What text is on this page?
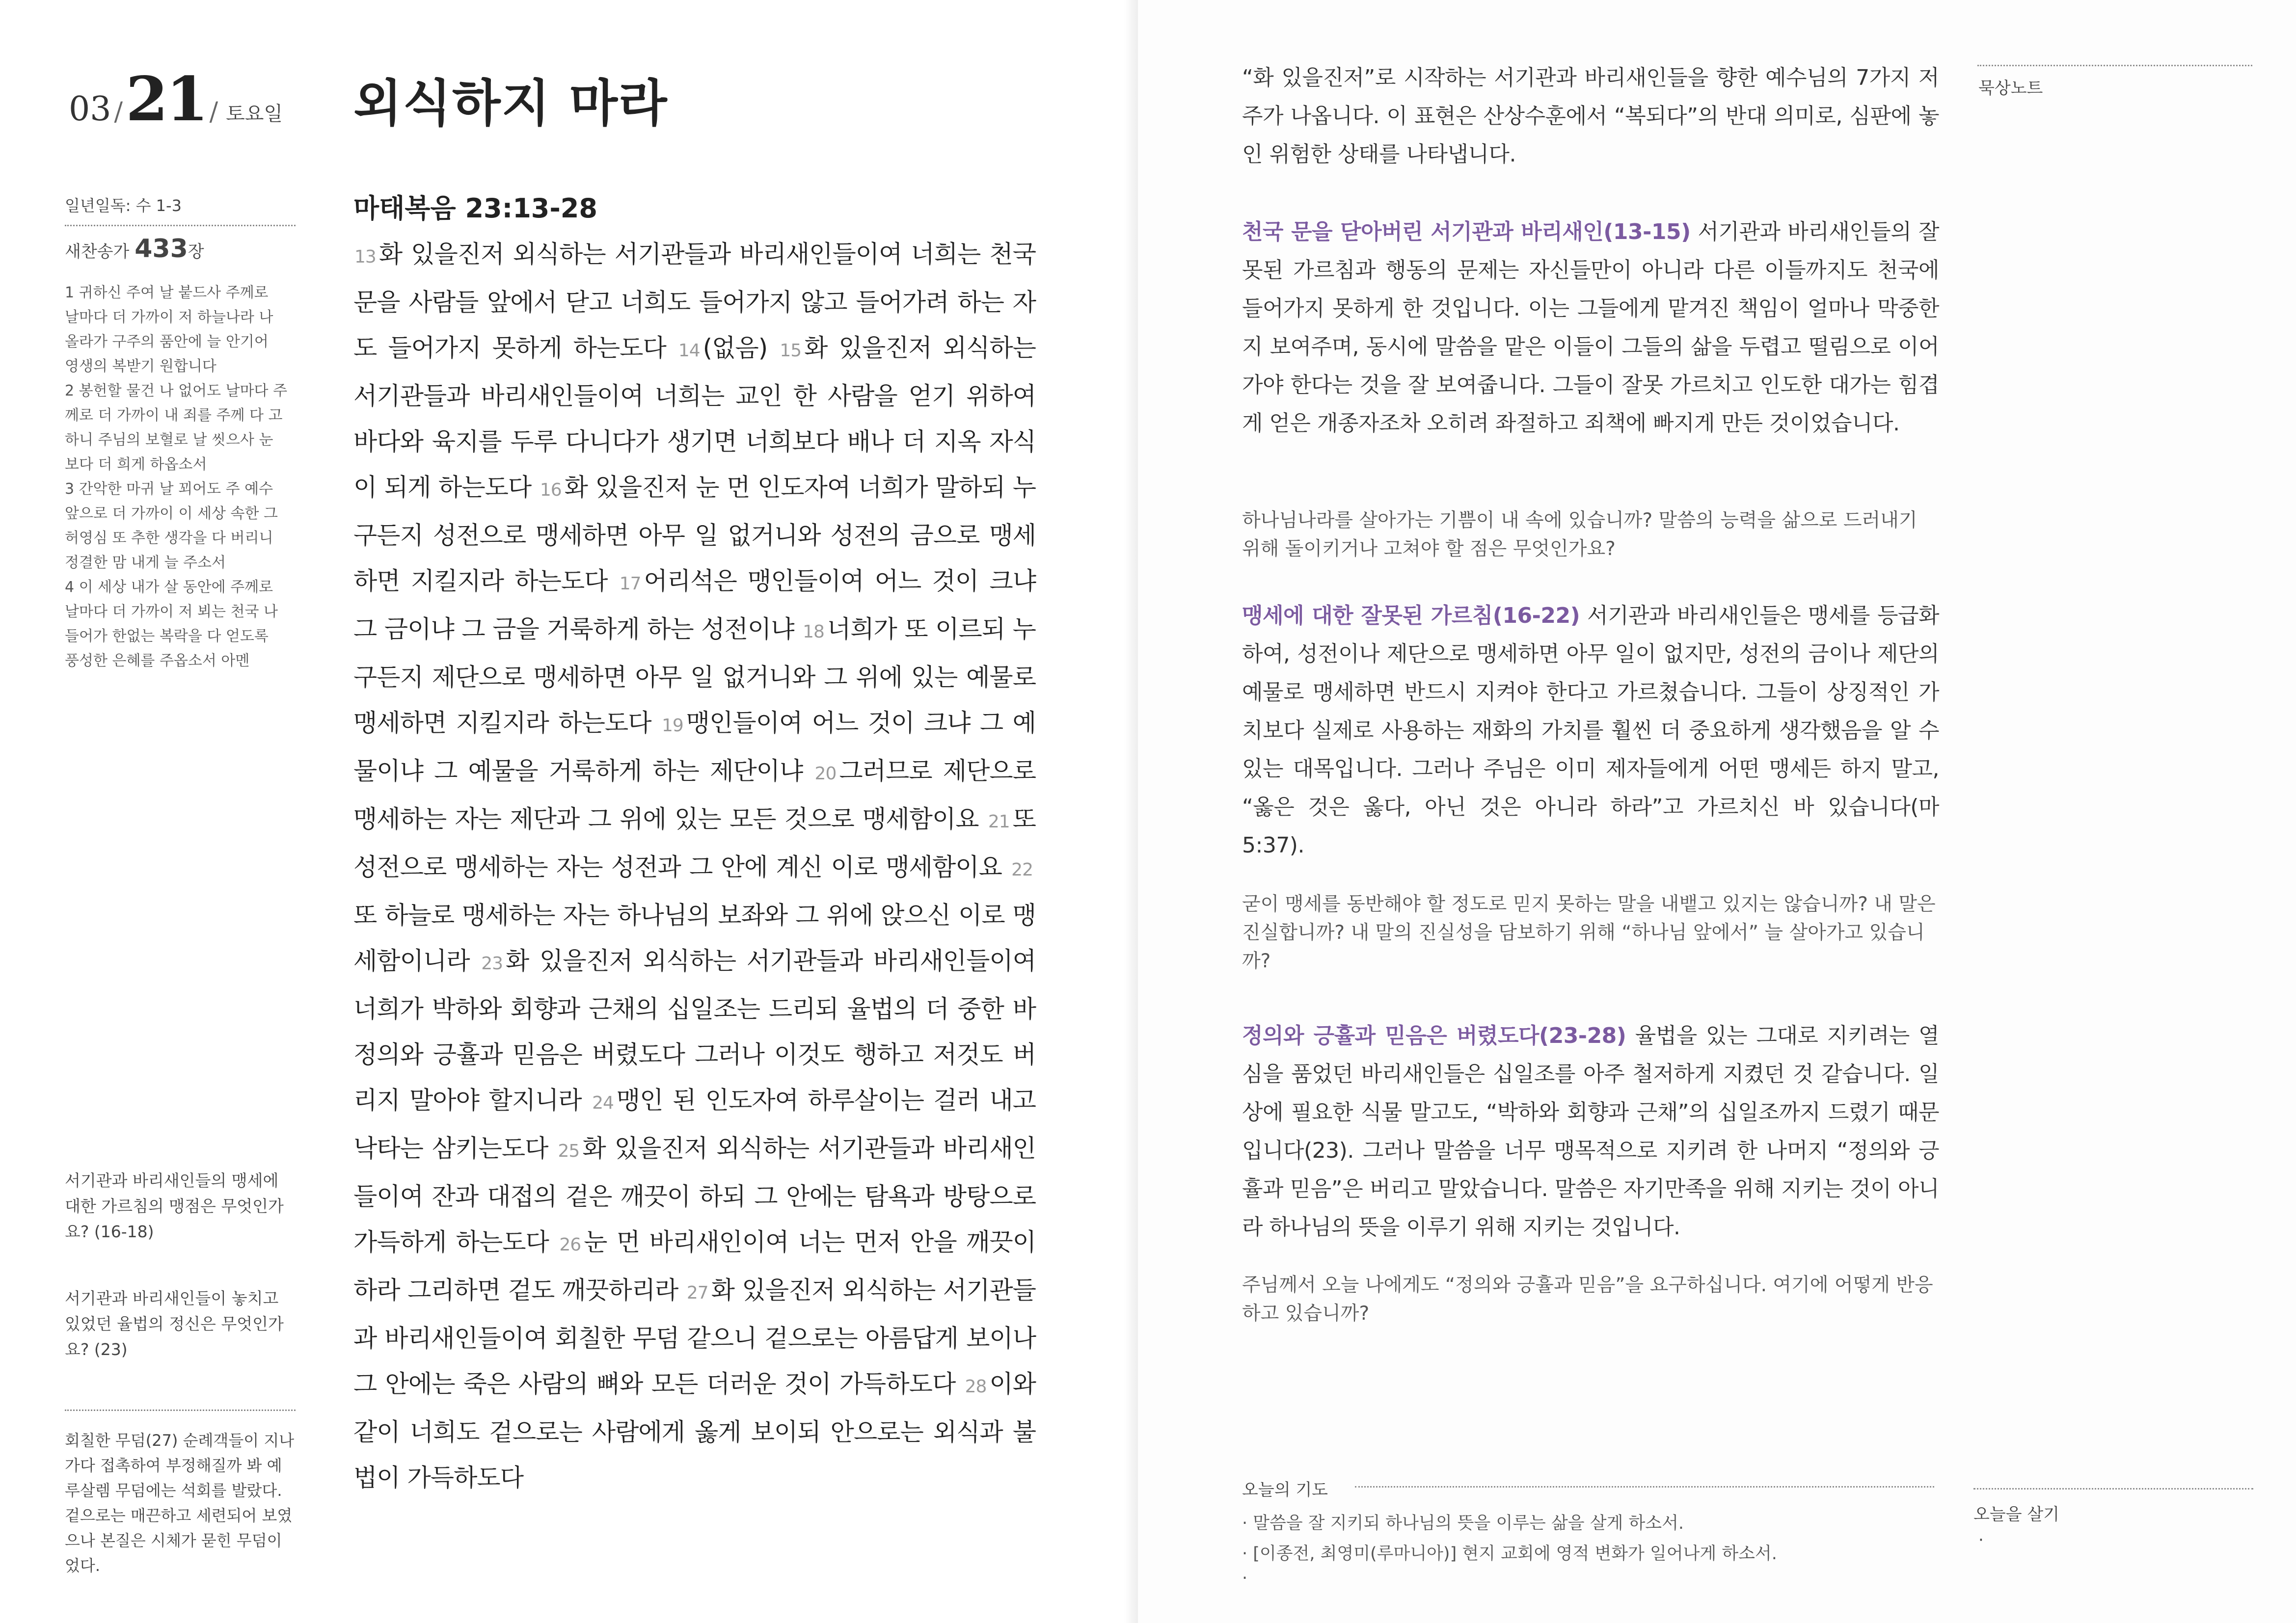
03 / 21 / 토요일 외식하지 마라
마태복음 23:13-28
일년일독: 수 1-3
새찬송가 433장
1 귀하신 주여 날 붙드사 주께로
날마다 더 가까이 저 하늘나라 나
올라가 구주의 품안에 늘 안기어
영생의 복받기 원합니다
2 봉헌할 물건 나 없어도 날마다 주
께로 더 가까이 내 죄를 주께 다 고
하니 주님의 보혈로 날 씻으사 눈
보다 더 희게 하옵소서
3 간악한 마귀 날 꾀어도 주 예수
앞으로 더 가까이 이 세상 속한 그
허영심 또 추한 생각을 다 버리니
정결한 맘 내게 늘 주소서
4 이 세상 내가 살 동안에 주께로
날마다 더 가까이 저 뵈는 천국 나
들어가 한없는 복락을 다 얻도록
풍성한 은혜를 주옵소서 아멘
서기관과 바리새인들의 맹세에 대한 가르침의 맹점은 무엇인가요? (16-18)
서기관과 바리새인들이 놓치고 있었던 율법의 정신은 무엇인가요? (23)
회칠한 무덤(27) 순례객들이 지나가다 접촉하여 부정해질까 봐 예루살렘 무덤에는 석회를 발랐다. 겉으로는 매끈하고 세련되어 보였으나 본질은 시체가 묻힌 무덤이었다.
13 화 있을진저 외식하는 서기관들과 바리새인들이여 너희는 천국 문을 사람들 앞에서 닫고 너희도 들어가지 않고 들어가려 하는 자도 들어가지 못하게 하는도다 14 (없음) 15 화 있을진저 외식하는 서기관들과 바리새인들이여 너희는 교인 한 사람을 얻기 위하여 바다와 육지를 두루 다니다가 생기면 너희보다 배나 더 지옥 자식이 되게 하는도다 16 화 있을진저 눈 먼 인도자여 너희가 말하되 누구든지 성전으로 맹세하면 아무 일 없거니와 성전의 금으로 맹세하면 지킬지라 하는도다 17 어리석은 맹인들이여 어느 것이 크냐 그 금이냐 그 금을 거룩하게 하는 성전이냐 18 너희가 또 이르되 누구든지 제단으로 맹세하면 아무 일 없거니와 그 위에 있는 예물로 맹세하면 지킬지라 하는도다 19 맹인들이여 어느 것이 크냐 그 예물이냐 그 예물을 거룩하게 하는 제단이냐 20 그러므로 제단으로 맹세하는 자는 제단과 그 위에 있는 모든 것으로 맹세함이요 21 또 성전으로 맹세하는 자는 성전과 그 안에 계신 이로 맹세함이요 22또 하늘로 맹세하는 자는 하나님의 보좌와 그 위에 앉으신 이로 맹세함이니라 23 화 있을진저 외식하는 서기관들과 바리새인들이여 너희가 박하와 회향과 근채의 십일조는 드리되 율법의 더 중한 바 정의와 긍휼과 믿음은 버렸도다 그러나 이것도 행하고 저것도 버리지 말아야 할지니라 24 맹인 된 인도자여 하루살이는 걸러 내고 낙타는 삼키는도다 25 화 있을진저 외식하는 서기관들과 바리새인들이여 잔과 대접의 겉은 깨끗이 하되 그 안에는 탐욕과 방탕으로 가득하게 하는도다 26 눈 먼 바리새인이여 너는 먼저 안을 깨끗이 하라 그리하면 겉도 깨끗하리라 27 화 있을진저 외식하는 서기관들과 바리새인들이여 회칠한 무덤 같으니 겉으로는 아름답게 보이나 그 안에는 죽은 사람의 뼈와 모든 더러운 것이 가득하도다 28 이와 같이 너희도 겉으로는 사람에게 옳게 보이되 안으로는 외식과 불법이 가득하도다
“화 있을진저”로 시작하는 서기관과 바리새인들을 향한 예수님의 7가지 저주가 나옵니다. 이 표현은 산상수훈에서 “복되다”의 반대 의미로, 심판에 놓인 위험한 상태를 나타냅니다.
묵상노트
천국 문을 닫아버린 서기관과 바리새인(13-15) 서기관과 바리새인들의 잘못된 가르침과 행동의 문제는 자신들만이 아니라 다른 이들까지도 천국에 들어가지 못하게 한 것입니다. 이는 그들에게 맡겨진 책임이 얼마나 막중한지 보여주며, 동시에 말씀을 맡은 이들이 그들의 삶을 두렵고 떨림으로 이어가야 한다는 것을 잘 보여줍니다. 그들이 잘못 가르치고 인도한 대가는 힘겹게 얻은 개종자조차 오히려 좌절하고 죄책에 빠지게 만든 것이었습니다.
하나님나라를 살아가는 기쁨이 내 속에 있습니까? 말씀의 능력을 삶으로 드러내기 위해 돌이키거나 고쳐야 할 점은 무엇인가요?
맹세에 대한 잘못된 가르침(16-22) 서기관과 바리새인들은 맹세를 등급화하여, 성전이나 제단으로 맹세하면 아무 일이 없지만, 성전의 금이나 제단의 예물로 맹세하면 반드시 지켜야 한다고 가르쳤습니다. 그들이 상징적인 가치보다 실제로 사용하는 재화의 가치를 훨씬 더 중요하게 생각했음을 알 수 있는 대목입니다. 그러나 주님은 이미 제자들에게 어떤 맹세든 하지 말고, “옳은 것은 옳다, 아닌 것은 아니라 하라”고 가르치신 바 있습니다(마 5:37).
굳이 맹세를 동반해야 할 정도로 믿지 못하는 말을 내뱉고 있지는 않습니까? 내 말은 진실합니까? 내 말의 진실성을 담보하기 위해 “하나님 앞에서” 늘 살아가고 있습니까?
정의와 긍휼과 믿음은 버렸도다(23-28) 율법을 있는 그대로 지키려는 열심을 품었던 바리새인들은 십일조를 아주 철저하게 지켰던 것 같습니다. 일상에 필요한 식물 말고도, “박하와 회향과 근채”의 십일조까지 드렸기 때문입니다(23). 그러나 말씀을 너무 맹목적으로 지키려 한 나머지 “정의와 긍휼과 믿음”은 버리고 말았습니다. 말씀은 자기만족을 위해 지키는 것이 아니라 하나님의 뜻을 이루기 위해 지키는 것입니다.
주님께서 오늘 나에게도 “정의와 긍휼과 믿음”을 요구하십니다. 여기에 어떻게 반응하고 있습니까?
오늘의 기도
· 말씀을 잘 지키되 하나님의 뜻을 이루는 삶을 살게 하소서.
· [이종전, 최영미(루마니아)] 현지 교회에 영적 변화가 일어나게 하소서.
·
오늘을 살기
·
